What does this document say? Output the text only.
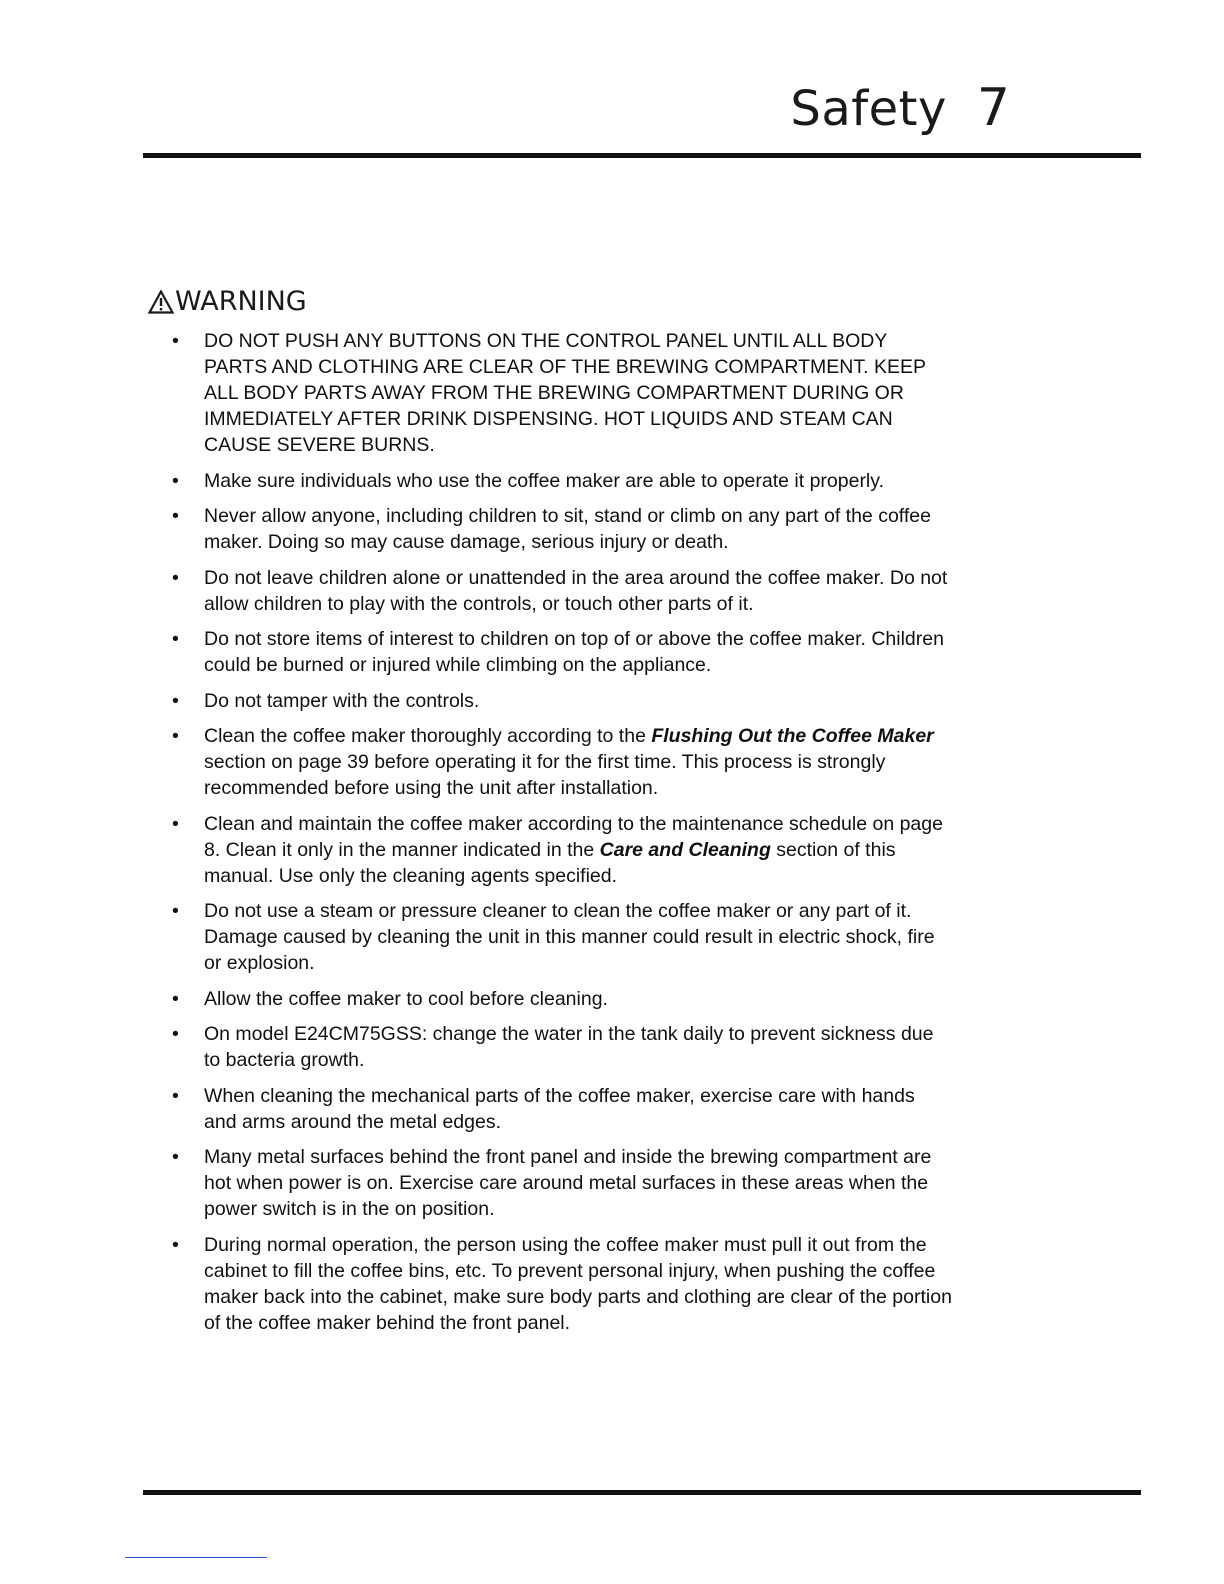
Safety 7
WARNING
• DO NOT PUSH ANY BUTTONS ON THE CONTROL PANEL UNTIL ALL BODY PARTS AND CLOTHING ARE CLEAR OF THE BREWING COMPARTMENT. KEEP ALL BODY PARTS AWAY FROM THE BREWING COMPARTMENT DURING OR IMMEDIATELY AFTER DRINK DISPENSING. HOT LIQUIDS AND STEAM CAN CAUSE SEVERE BURNS.
• Make sure individuals who use the coffee maker are able to operate it properly.
• Never allow anyone, including children to sit, stand or climb on any part of the coffee maker. Doing so may cause damage, serious injury or death.
• Do not leave children alone or unattended in the area around the coffee maker. Do not allow children to play with the controls, or touch other parts of it.
• Do not store items of interest to children on top of or above the coffee maker. Children could be burned or injured while climbing on the appliance.
• Do not tamper with the controls.
• Clean the coffee maker thoroughly according to the Flushing Out the Coffee Maker section on page 39 before operating it for the first time. This process is strongly recommended before using the unit after installation.
• Clean and maintain the coffee maker according to the maintenance schedule on page 8. Clean it only in the manner indicated in the Care and Cleaning section of this manual. Use only the cleaning agents specified.
• Do not use a steam or pressure cleaner to clean the coffee maker or any part of it. Damage caused by cleaning the unit in this manner could result in electric shock, fire or explosion.
• Allow the coffee maker to cool before cleaning.
• On model E24CM75GSS: change the water in the tank daily to prevent sickness due to bacteria growth.
• When cleaning the mechanical parts of the coffee maker, exercise care with hands and arms around the metal edges.
• Many metal surfaces behind the front panel and inside the brewing compartment are hot when power is on. Exercise care around metal surfaces in these areas when the power switch is in the on position.
• During normal operation, the person using the coffee maker must pull it out from the cabinet to fill the coffee bins, etc. To prevent personal injury, when pushing the coffee maker back into the cabinet, make sure body parts and clothing are clear of the portion of the coffee maker behind the front panel.
